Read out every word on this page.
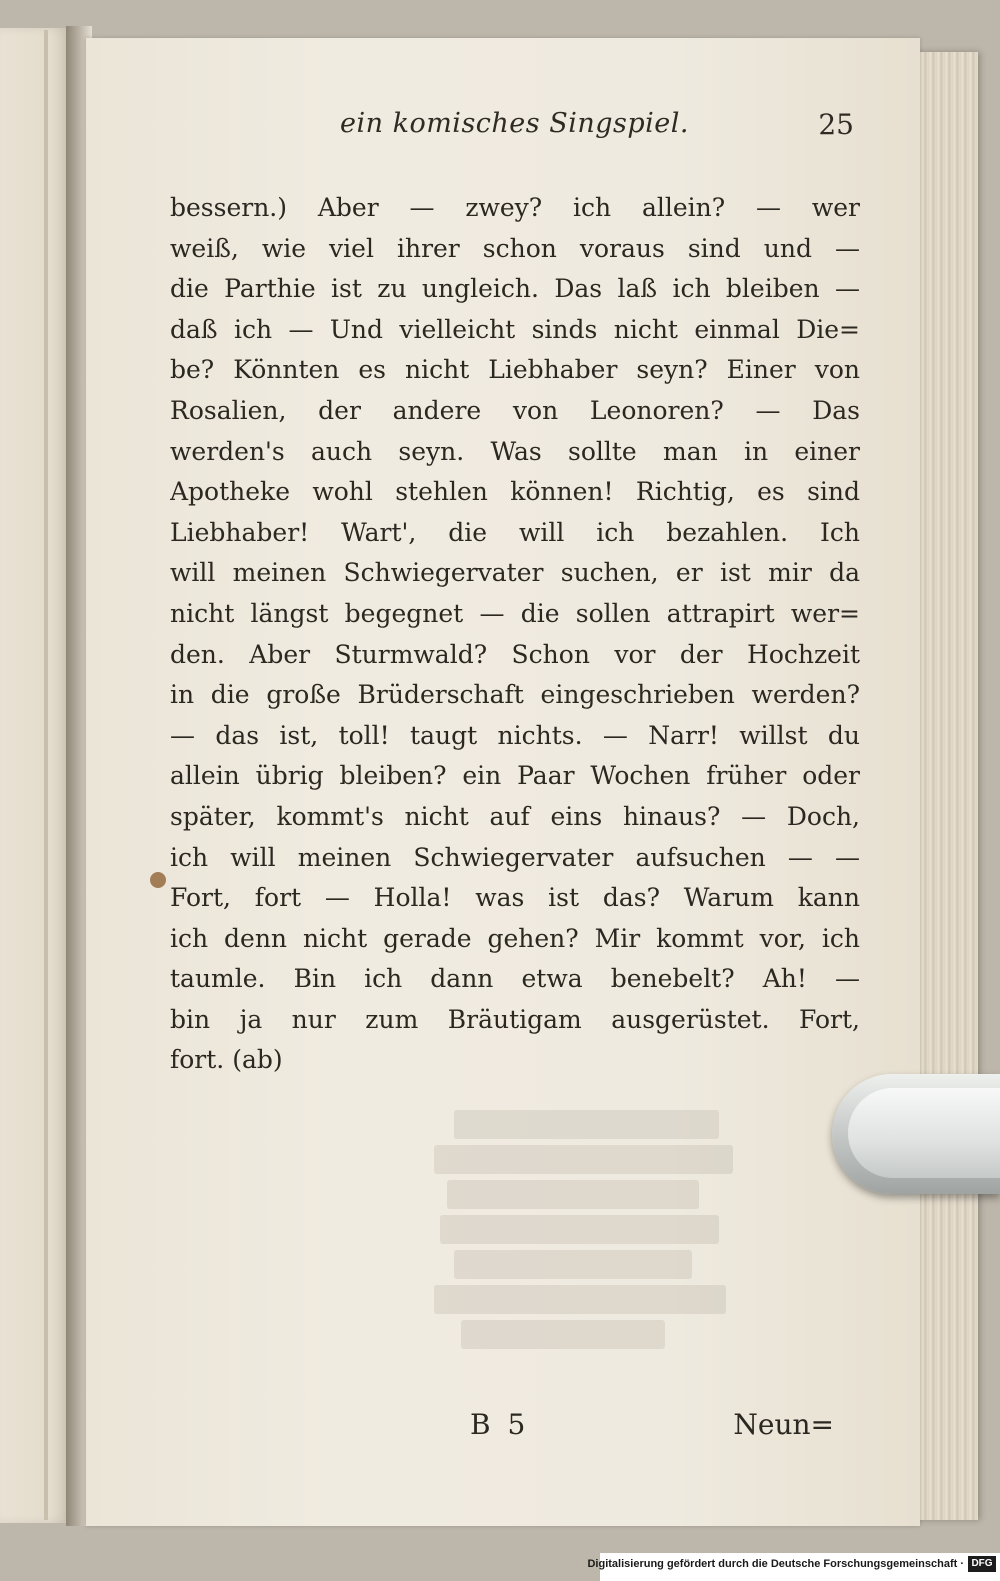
ein komisches Singspiel.	25
bessern.) Aber — zwey? ich allein? — wer
weiß, wie viel ihrer schon voraus sind und —
die Parthie ist zu ungleich. Das laß ich bleiben —
daß ich — Und vielleicht sinds nicht einmal Die=
be? Könnten es nicht Liebhaber seyn? Einer von
Rosalien, der andere von Leonoren? — Das
werden's auch seyn. Was sollte man in einer
Apotheke wohl stehlen können! Richtig, es sind
Liebhaber! Wart', die will ich bezahlen. Ich
will meinen Schwiegervater suchen, er ist mir da
nicht längst begegnet — die sollen attrapirt wer=
den. Aber Sturmwald? Schon vor der Hochzeit
in die große Brüderschaft eingeschrieben werden?
— das ist, toll! taugt nichts. — Narr! willst du
allein übrig bleiben? ein Paar Wochen früher oder
später, kommt's nicht auf eins hinaus? — Doch,
ich will meinen Schwiegervater aufsuchen — —
Fort, fort — Holla! was ist das? Warum kann
ich denn nicht gerade gehen? Mir kommt vor, ich
taumle. Bin ich dann etwa benebelt? Ah! —
bin ja nur zum Bräutigam ausgerüstet. Fort,
fort. (ab)
B 5	Neun=
Digitalisierung gefördert durch die Deutsche Forschungsgemeinschaft · DFG
